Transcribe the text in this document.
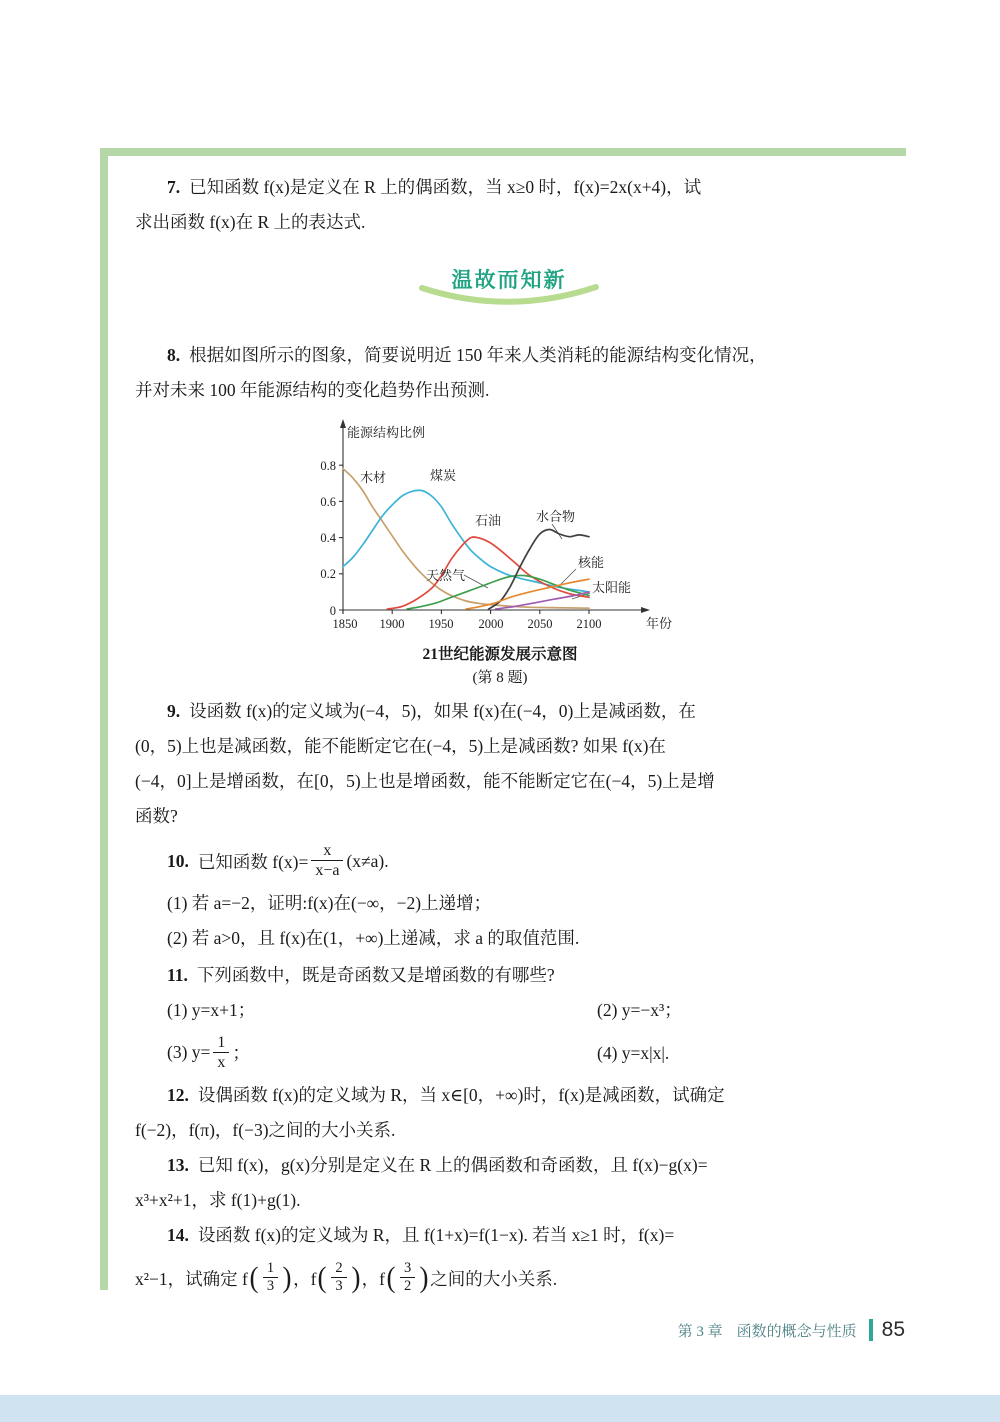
7. 已知函数 f(x)是定义在 R 上的偶函数，当 x≥0 时，f(x)=2x(x+4)，试
求出函数 f(x)在 R 上的表达式.
温故而知新
8. 根据如图所示的图象，简要说明近 150 年来人类消耗的能源结构变化情况，
并对未来 100 年能源结构的变化趋势作出预测.
0
0.2
0.4
0.6
0.8
1850 1900 1950 2000 2050 2100
能源结构比例
年份
木材	煤炭
石油
天然气
水合物
核能
太阳能
21世纪能源发展示意图
(第 8 题)
9. 设函数 f(x)的定义域为(−4，5)，如果 f(x)在(−4，0)上是减函数，在
(0，5)上也是减函数，能不能断定它在(−4，5)上是减函数? 如果 f(x)在
(−4，0]上是增函数，在[0，5)上也是增函数，能不能断定它在(−4，5)上是增
函数?
10. 已知函数 $f(x)= \frac{x}{x-a} (x\ne a)$.
(1) 若 a=−2，证明:f(x)在(−∞，−2)上递增；
(2) 若 a>0，且 f(x)在(1，+∞)上递减，求 a 的取值范围.
11. 下列函数中，既是奇函数又是增函数的有哪些?
(1) y=x+1；	(2) y=−x³；
(3) $y= \frac{1}{x}$ ；	(4) y=x|x|.
12. 设偶函数 f(x)的定义域为 R，当 x∈[0，+∞)时，f(x)是减函数，试确定
f(−2)，f(π)，f(−3)之间的大小关系.
13. 已知 f(x)，g(x)分别是定义在 R 上的偶函数和奇函数，且 f(x)−g(x)=
x³+x²+1，求 f(1)+g(1).
14. 设函数 f(x)的定义域为 R，且 f(1+x)=f(1−x). 若当 x≥1 时，f(x)=
x²−1，试确定 f ( $\frac{1}{3}$ ) ，f ( $\frac{2}{3}$ ) ，f ( $\frac{3}{2}$ ) 之间的大小关系.
第 3 章 函数的概念与性质 85
